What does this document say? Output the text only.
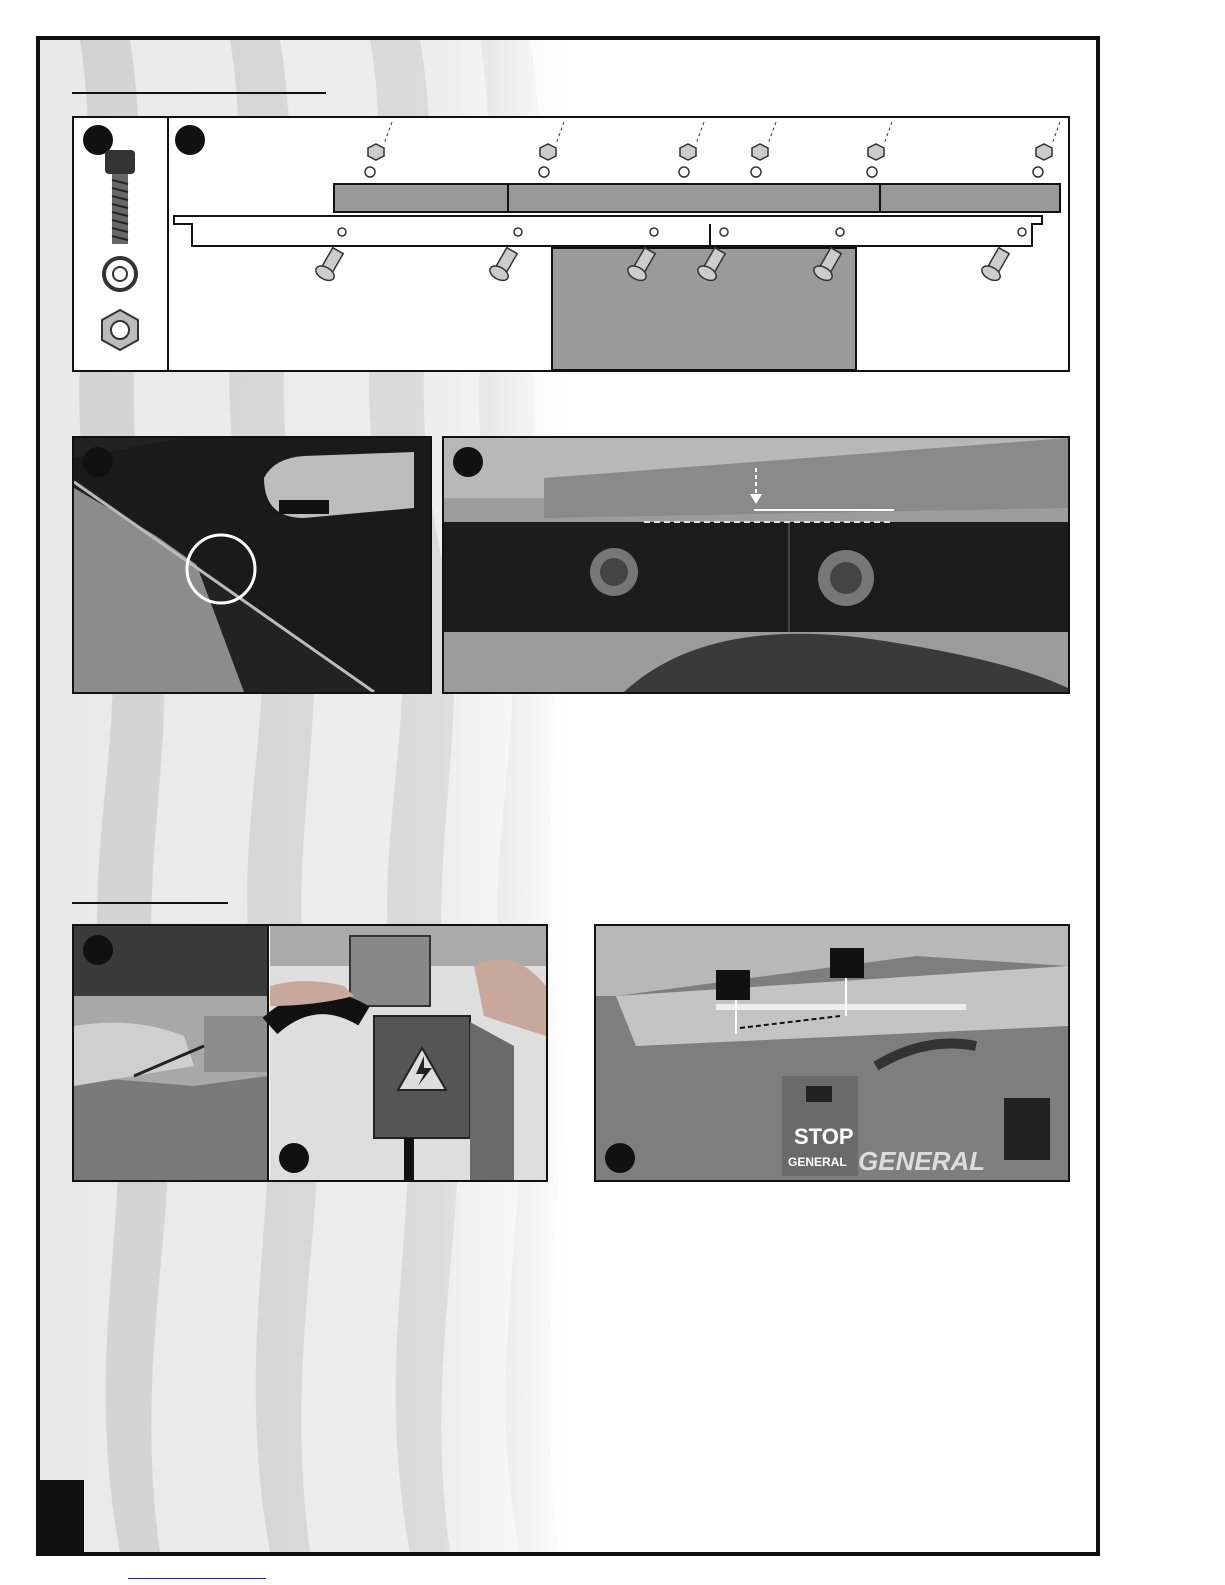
STOP
GENERAL GENERAL
